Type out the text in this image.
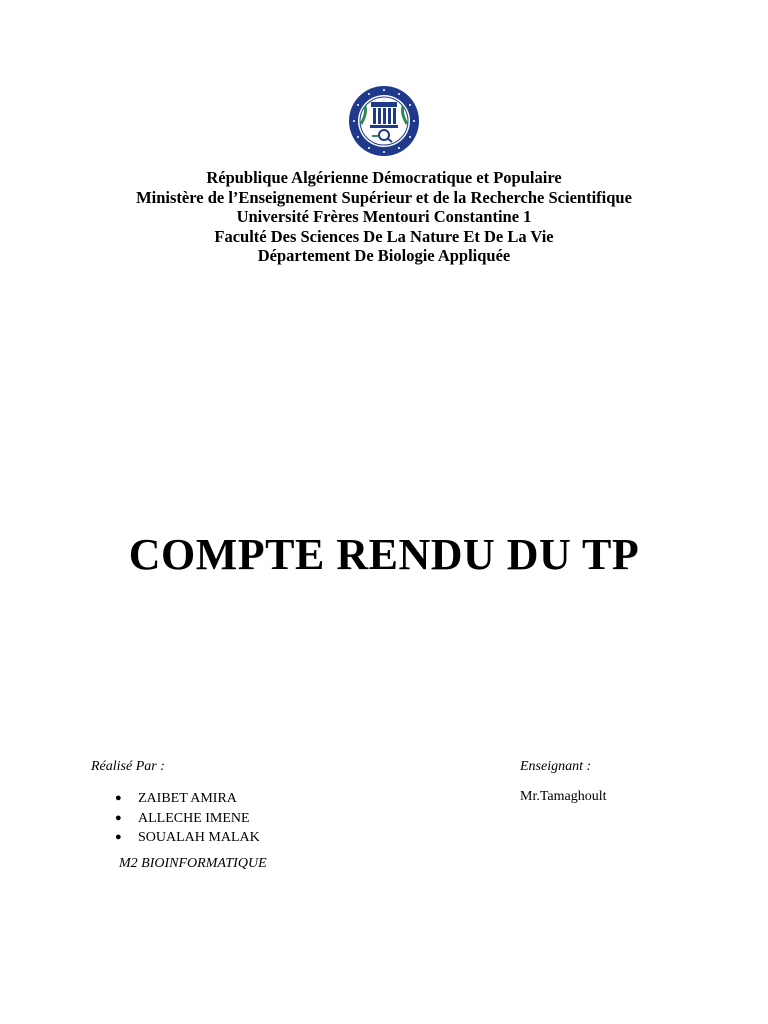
République Algérienne Démocratique et Populaire
Ministère de l’Enseignement Supérieur et de la Recherche Scientifique
Université Frères Mentouri Constantine 1
Faculté Des Sciences De La Nature Et De La Vie
Département De Biologie Appliquée
COMPTE RENDU DU TP
Réalisé Par :	Enseignant :
● ZAIBET AMIRA
● ALLECHE IMENE
● SOUALAH MALAK
Mr.Tamaghoult
M2 BIOINFORMATIQUE
